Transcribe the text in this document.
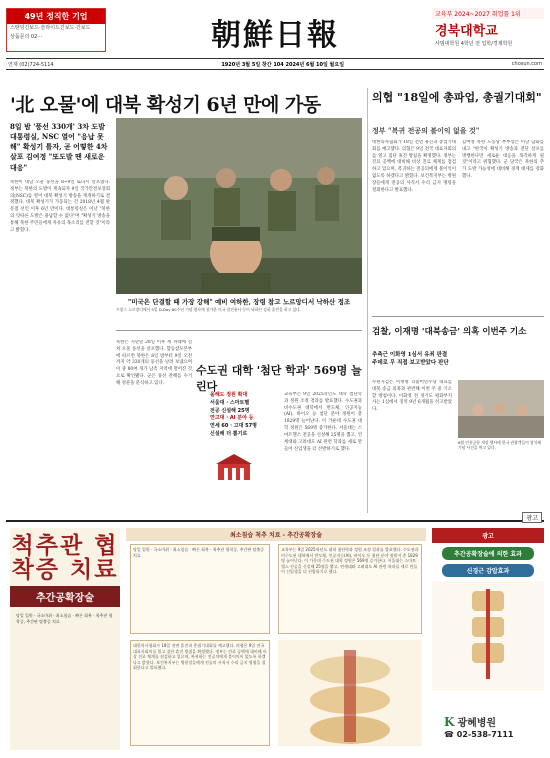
49년 정직한 기업
스탠딩긴보드·슬라이드긴보드·긴보드
상품문의 02···	朝鮮日報
교육부 2024~2027 취업률 1위
경북대학교
사범대학원 4학년 전 입학/경제학원
연재 (02)724-5114	1920년 3월 5일 창간 104 2024년 6월 10일 월요일	chosun.com
'北 오물'에 대북 확성기 6년 만에 가동
8일 밤 '풍선 330개' 3차 도발 대통령실, NSC 열어 "응납 못해" 확성기 틀자, 곧 어떻한 4차 살포 김여정 "또도발 땐 새로운 대응"
북한이 대남 오물 풍선을 8~9일 또다시 살포했다. 정부는 북한의 도발이 계속되자 9일 국가안전보장회의(NSC)를 열어 대북 확성기 방송을 재개하기로 결정했다. 대북 확성기가 가동되는 건 2018년 4월 판문점 선언 이후 6년 만이다. 대통령실은 이날 "북한의 잇따른 도발은 용납할 수 없다"며 "확성기 방송을 통해 북한 주민들에게 자유의 목소리를 전할 것"이라고 밝혔다.
"미국은 단결할 때 가장 강해" 예비 여하한, 장령 참고 노르망디서 낙하산 정조
프랑스 노르망디에서 9일 D-Day 80주년 기념 행사에 참가한 미국 참전용사 등이 낙하산 강하 훈련을 하고 있다.
북한은 지난달 28일 이후 세 차례에 걸쳐 오물 풍선을 살포했다. 합동참모본부에 따르면 북한은 8일 밤부터 9일 오전까지 약 330개의 풍선을 날려 보냈으며 이 중 80여 개가 남측 지역에 떨어진 것으로 확인됐다. 군은 풍선 잔해를 수거해 성분을 분석하고 있다.
의협 "18일에 총파업, 총궐기대회"
정부 "복귀 전공의 불이익 없을 것"
대한의사협회가 18일 전면 휴진과 총궐기대회를 예고했다. 의협은 9일 전국 대표자회의를 열고 집단 휴진 방침을 확정했다. 정부는 진료 공백에 대비해 비상 진료 체계를 점검하고 있으며, 복귀하는 전공의에게 불이익이 없도록 하겠다고 밝혔다. 보건복지부는 병원장들에게 전공의 사직서 수리 금지 명령을 철회한다고 발표했다.
김여정 북한 노동당 부부장은 이날 담화를 내고 "한국이 확성기 방송과 전단 살포를 병행한다면 새로운 대응을 목격하게 될 것"이라고 위협했다. 군 당국은 북한의 추가 도발 가능성에 대비해 경계 태세를 강화했다.
수도권 대학 '첨단 학과' 569명 늘린다
올해도 정원 확대
서울대 · 스마트헬
전공 신설해 25명
연고대 · AI 분야 등
연세 60 · 고대 57명
신설해 더 뽑기로
교육부는 9일 2025학년도 대학 첨단학과 정원 조정 결과를 발표했다. 수도권과 비수도권 대학에서 반도체, 인공지능(AI), 바이오 등 첨단 분야 정원이 총 1829명 늘어난다. 이 가운데 수도권 대학 정원은 569명 증가한다. 서울대는 스마트헬스 전공을 신설해 25명을 뽑고, 연세대와 고려대도 AI 관련 학과를 새로 만들어 신입생을 더 선발하기로 했다.
검찰, 이재명 '대북송금' 의혹 이번주 기소
추측근 이화영 1심서 유죄 판결 주데로 무 직접 보고받았다 판단
수원지검은 이재명 더불어민주당 대표를 대북 송금 의혹과 관련해 이번 주 중 기소할 방침이다. 이화영 전 경기도 평화부지사는 1심에서 징역 9년 6개월을 선고받았다.
6월 인천공항 개장 행사에 한국 관광객들이 참석해 기념 사진을 찍고 있다.
광고
척추관 협착증 치료
추간공확장술
당일 입원 · 국소마취 · 최소침습 · 빠른 회복 · 척추관 협착증, 추간판 탈출증 치료
최소침습 척추 치료 - 추간공확장술
당일 입원 · 국소마취 · 최소침습 · 빠른 회복 · 척추관 협착증, 추간판 탈출증 치료
교육부는 9일 2025학년도 대학 첨단학과 정원 조정 결과를 발표했다. 수도권과 비수도권 대학에서 반도체, 인공지능(AI), 바이오 등 첨단 분야 정원이 총 1829명 늘어난다. 이 가운데 수도권 대학 정원은 569명 증가한다. 서울대는 스마트헬스 전공을 신설해 25명을 뽑고, 연세대와 고려대도 AI 관련 학과를 새로 만들어 신입생을 더 선발하기로 했다.
대한의사협회가 18일 전면 휴진과 총궐기대회를 예고했다. 의협은 9일 전국 대표자회의를 열고 집단 휴진 방침을 확정했다. 정부는 진료 공백에 대비해 비상 진료 체계를 점검하고 있으며, 복귀하는 전공의에게 불이익이 없도록 하겠다고 밝혔다. 보건복지부는 병원장들에게 전공의 사직서 수리 금지 명령을 철회한다고 발표했다.
광고
추간공확장술에 의한 효과
신경근 감압효과
K 광혜병원
☎ 02-538-7111
